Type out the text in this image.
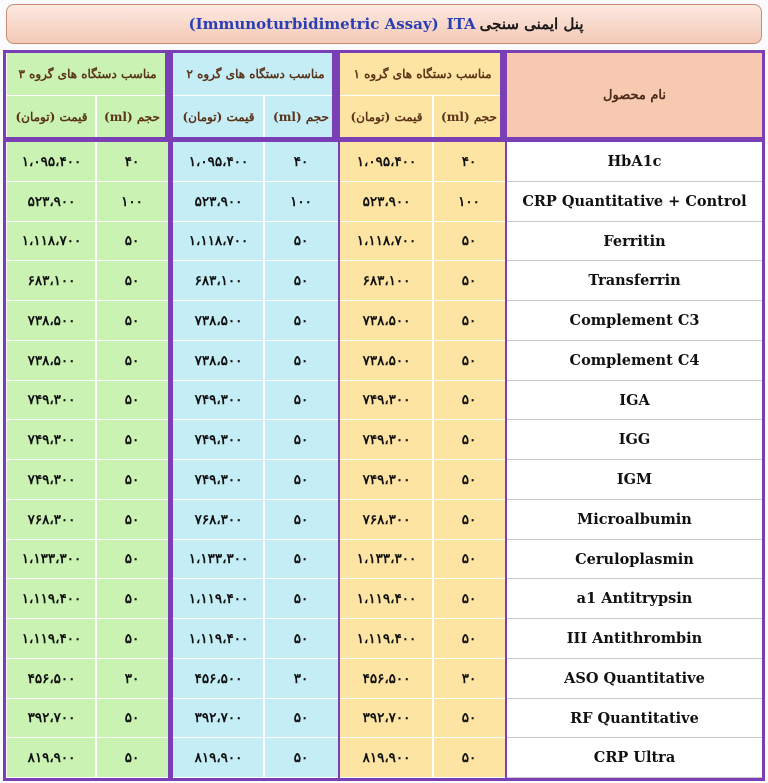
پنل ایمنی سنجی
ITA
(Immunoturbidimetric Assay)
مناسب دستگاه های گروه ۳
قیمت (تومان)	حجم (ml)
مناسب دستگاه های گروه ۲
قیمت (تومان)	حجم (ml)
مناسب دستگاه های گروه ۱
قیمت (تومان)	حجم (ml)
نام محصول
۱،۰۹۵،۴۰۰	۴۰	۱،۰۹۵،۴۰۰	۴۰	۱،۰۹۵،۴۰۰	۴۰	HbA1c
۵۲۳،۹۰۰	۱۰۰	۵۲۳،۹۰۰	۱۰۰	۵۲۳،۹۰۰	۱۰۰	CRP Quantitative + Control
۱،۱۱۸،۷۰۰	۵۰	۱،۱۱۸،۷۰۰	۵۰	۱،۱۱۸،۷۰۰	۵۰	Ferritin
۶۸۳،۱۰۰	۵۰	۶۸۳،۱۰۰	۵۰	۶۸۳،۱۰۰	۵۰	Transferrin
۷۳۸،۵۰۰	۵۰	۷۳۸،۵۰۰	۵۰	۷۳۸،۵۰۰	۵۰	Complement C3
۷۳۸،۵۰۰	۵۰	۷۳۸،۵۰۰	۵۰	۷۳۸،۵۰۰	۵۰	Complement C4
۷۴۹،۳۰۰	۵۰	۷۴۹،۳۰۰	۵۰	۷۴۹،۳۰۰	۵۰	IGA
۷۴۹،۳۰۰	۵۰	۷۴۹،۳۰۰	۵۰	۷۴۹،۳۰۰	۵۰	IGG
۷۴۹،۳۰۰	۵۰	۷۴۹،۳۰۰	۵۰	۷۴۹،۳۰۰	۵۰	IGM
۷۶۸،۳۰۰	۵۰	۷۶۸،۳۰۰	۵۰	۷۶۸،۳۰۰	۵۰	Microalbumin
۱،۱۳۳،۳۰۰	۵۰	۱،۱۳۳،۳۰۰	۵۰	۱،۱۳۳،۳۰۰	۵۰	Ceruloplasmin
۱،۱۱۹،۴۰۰	۵۰	۱،۱۱۹،۴۰۰	۵۰	۱،۱۱۹،۴۰۰	۵۰	a1 Antitrypsin
۱،۱۱۹،۴۰۰	۵۰	۱،۱۱۹،۴۰۰	۵۰	۱،۱۱۹،۴۰۰	۵۰	III Antithrombin
۴۵۶،۵۰۰	۳۰	۴۵۶،۵۰۰	۳۰	۴۵۶،۵۰۰	۳۰	ASO Quantitative
۳۹۲،۷۰۰	۵۰	۳۹۲،۷۰۰	۵۰	۳۹۲،۷۰۰	۵۰	RF Quantitative
۸۱۹،۹۰۰	۵۰	۸۱۹،۹۰۰	۵۰	۸۱۹،۹۰۰	۵۰	CRP Ultra
